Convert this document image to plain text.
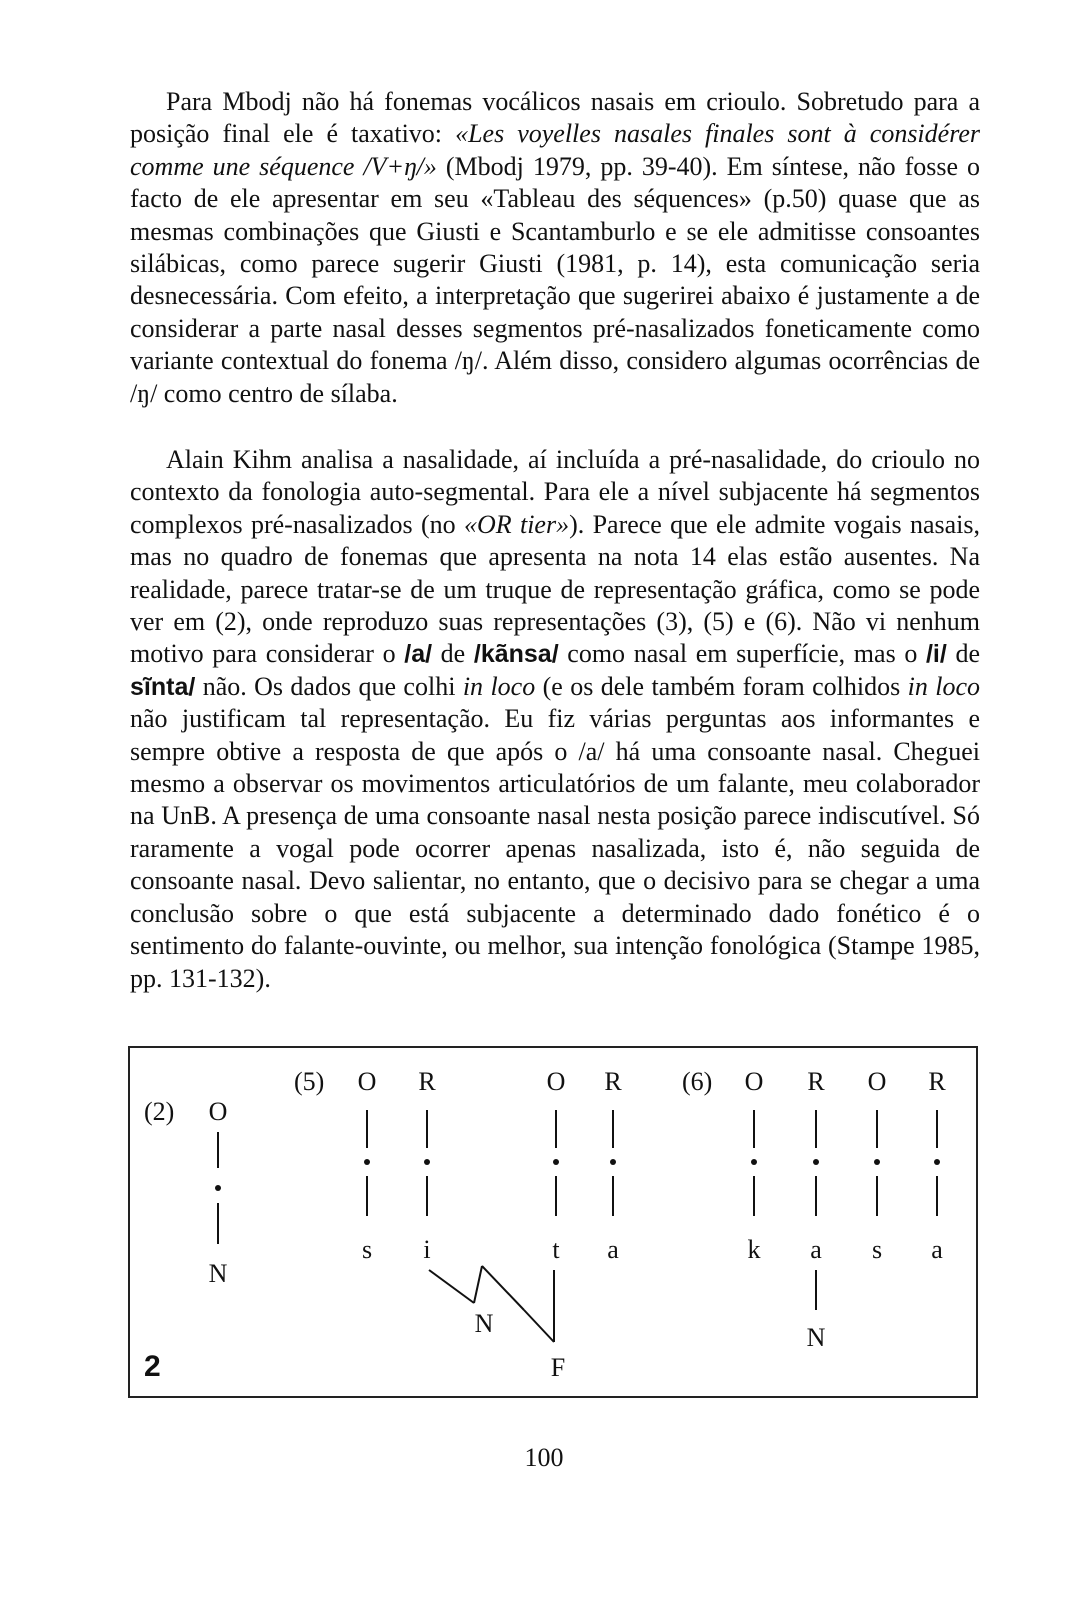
Para Mbodj não há fonemas vocálicos nasais em crioulo. Sobretudo para a posição final ele é taxativo: «Les voyelles nasales finales sont à considérer comme une séquence /V+ŋ/» (Mbodj 1979, pp. 39-40). Em síntese, não fosse o facto de ele apresentar em seu «Tableau des séquences» (p.50) quase que as mesmas combinações que Giusti e Scantamburlo e se ele admitisse consoantes silábicas, como parece sugerir Giusti (1981, p. 14), esta comunicação seria desnecessária. Com efeito, a interpretação que sugerirei abaixo é justamente a de considerar a parte nasal desses segmentos pré-nasalizados foneticamente como variante contextual do fonema /ŋ/. Além disso, considero algumas ocorrências de /ŋ/ como centro de sílaba.

Alain Kihm analisa a nasalidade, aí incluída a pré-nasalidade, do crioulo no contexto da fonologia auto-segmental. Para ele a nível subjacente há segmentos complexos pré-nasalizados (no «OR tier»). Parece que ele admite vogais nasais, mas no quadro de fonemas que apresenta na nota 14 elas estão ausentes. Na realidade, parece tratar-se de um truque de representação gráfica, como se pode ver em (2), onde reproduzo suas representações (3), (5) e (6). Não vi nenhum motivo para considerar o /a/ de /kãnsa/ como nasal em superfície, mas o /i/ de sĩnta/ não. Os dados que colhi in loco (e os dele também foram colhidos in loco não justificam tal representação. Eu fiz várias perguntas aos informantes e sempre obtive a resposta de que após o /a/ há uma consoante nasal. Cheguei mesmo a observar os movimentos articulatórios de um falante, meu colaborador na UnB. A presença de uma consoante nasal nesta posição parece indiscutível. Só raramente a vogal pode ocorrer apenas nasalizada, isto é, não seguida de consoante nasal. Devo salientar, no entanto, que o decisivo para se chegar a uma conclusão sobre o que está subjacente a determinado dado fonético é o sentimento do falante-ouvinte, ou melhor, sua intenção fonológica (Stampe 1985, pp. 131-132).

(2) O
N
(5) O R	O R
s i	t a
N
F
(6) O R O R
k a s a
N
2
100
